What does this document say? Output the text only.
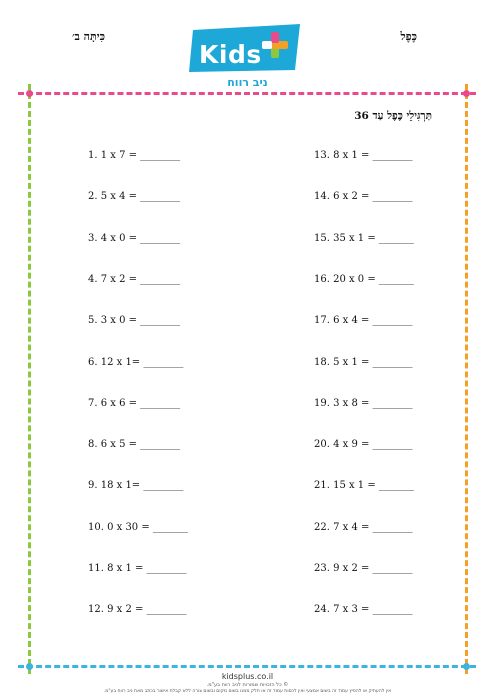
כִּיתָּה ב׳	כֶּפֶל
Kids
ניב רווח
תַּרְגִּילֵי כֶּפֶל עַד 36
1. 1 x 7 = ________
2. 5 x 4 = ________
3. 4 x 0 = ________
4. 7 x 2 = ________
5. 3 x 0 = ________
6. 12 x 1= ________
7. 6 x 6 = ________
8. 6 x 5 = ________
9. 18 x 1= ________
10. 0 x 30 = _______
11. 8 x 1 = ________
12. 9 x 2 = ________
13. 8 x 1 = ________
14. 6 x 2 = ________
15. 35 x 1 = _______
16. 20 x 0 = _______
17. 6 x 4 = ________
18. 5 x 1 = ________
19. 3 x 8 = ________
20. 4 x 9 = ________
21. 15 x 1 = _______
22. 7 x 4 = ________
23. 9 x 2 = ________
24. 7 x 3 = ________
kidsplus.co.il
© כל הזכויות שמורות לניב רווח בע"מ.
אין להעתיק או להפיץ עמוד זה בשום אמצעי ואין לכסות עמוד זה או חלק ממנו בשום מקום ובשום צורה ללא קבלת אישור בכתב מאת ניב רווח בע"מ.
